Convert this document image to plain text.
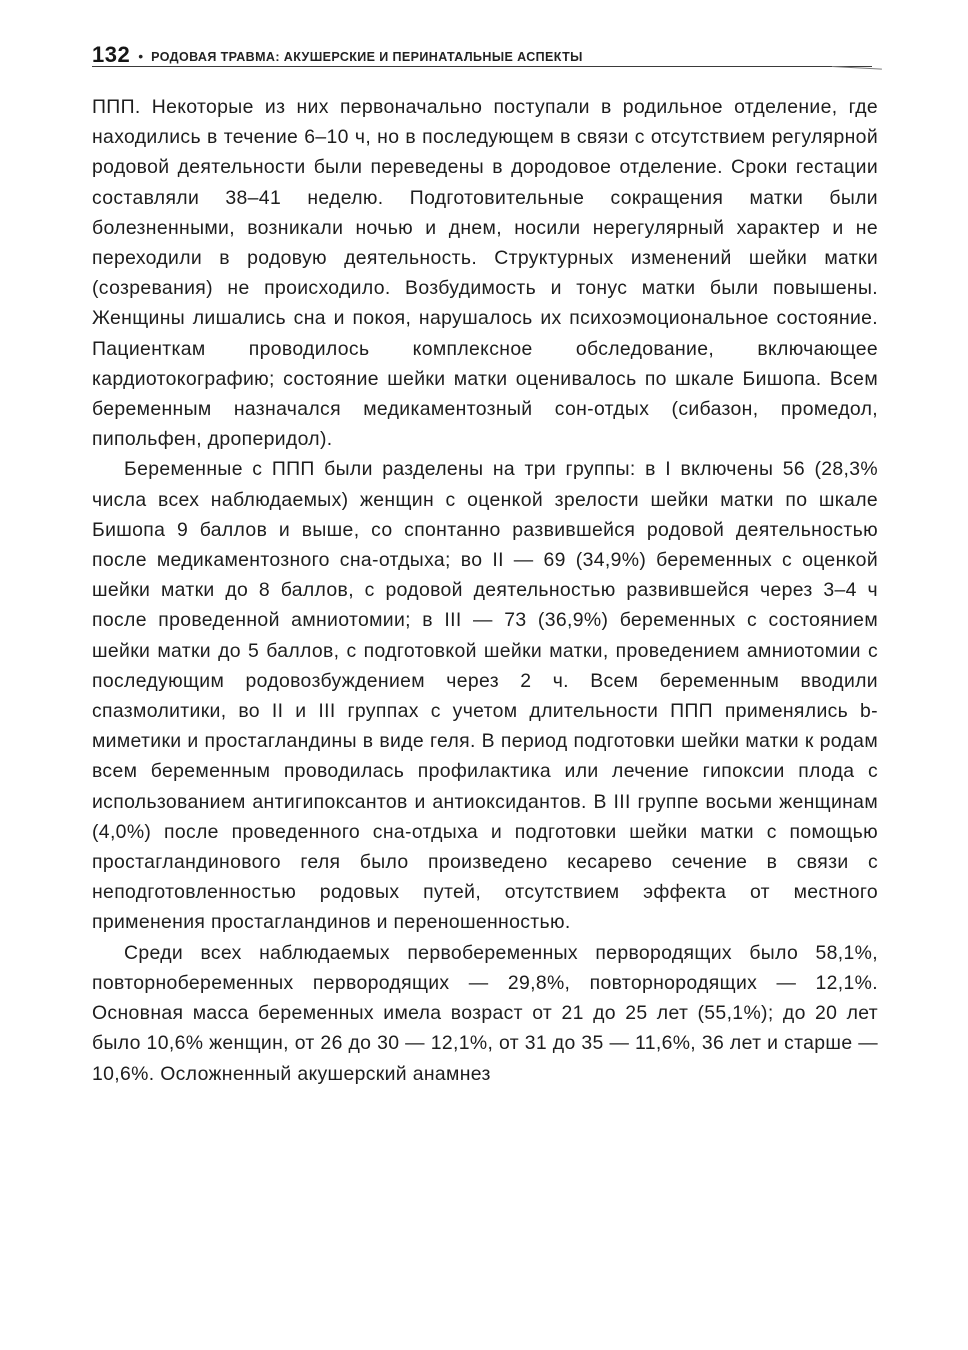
132 • РОДОВАЯ ТРАВМА: АКУШЕРСКИЕ И ПЕРИНАТАЛЬНЫЕ АСПЕКТЫ

ППП. Некоторые из них первоначально поступали в родильное отделение, где находились в течение 6–10 ч, но в последующем в связи с отсутствием регулярной родовой деятельности были переведены в дородовое отделение. Сроки гестации составляли 38–41 неделю. Подготовительные сокращения матки были болезненными, возникали ночью и днем, носили нерегулярный характер и не переходили в родовую деятельность. Структурных изменений шейки матки (созревания) не происходило. Возбудимость и тонус матки были повышены. Женщины лишались сна и покоя, нарушалось их психоэмоциональное состояние. Пациенткам проводилось комплексное обследование, включающее кардиотокографию; состояние шейки матки оценивалось по шкале Бишопа. Всем беременным назначался медикаментозный сон-отдых (сибазон, промедол, пипольфен, дроперидол).

Беременные с ППП были разделены на три группы: в I включены 56 (28,3% числа всех наблюдаемых) женщин с оценкой зрелости шейки матки по шкале Бишопа 9 баллов и выше, со спонтанно развившейся родовой деятельностью после медикаментозного сна-отдыха; во II — 69 (34,9%) беременных с оценкой шейки матки до 8 баллов, с родовой деятельностью развившейся через 3–4 ч после проведенной амниотомии; в III — 73 (36,9%) беременных с состоянием шейки матки до 5 баллов, с подготовкой шейки матки, проведением амниотомии с последующим родовозбуждением через 2 ч. Всем беременным вводили спазмолитики, во II и III группах с учетом длительности ППП применялись b-миметики и простагландины в виде геля. В период подготовки шейки матки к родам всем беременным проводилась профилактика или лечение гипоксии плода с использованием антигипоксантов и антиоксидантов. В III группе восьми женщинам (4,0%) после проведенного сна-отдыха и подготовки шейки матки с помощью простагландинового геля было произведено кесарево сечение в связи с неподготовленностью родовых путей, отсутствием эффекта от местного применения простагландинов и переношенностью.

Среди всех наблюдаемых первобеременных первородящих было 58,1%, повторнобеременных первородящих — 29,8%, повторнородящих — 12,1%. Основная масса беременных имела возраст от 21 до 25 лет (55,1%); до 20 лет было 10,6% женщин, от 26 до 30 — 12,1%, от 31 до 35 — 11,6%, 36 лет и старше — 10,6%. Осложненный акушерский анамнез
